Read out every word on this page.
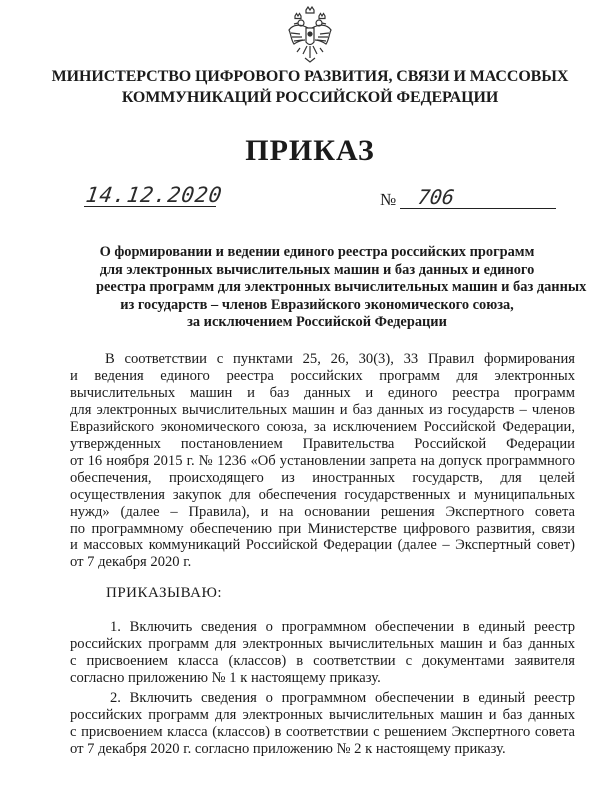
МИНИСТЕРСТВО ЦИФРОВОГО РАЗВИТИЯ, СВЯЗИ И МАССОВЫХ
КОММУНИКАЦИЙ РОССИЙСКОЙ ФЕДЕРАЦИИ
ПРИКАЗ
14.12.2020	№ 706
О формировании и ведении единого реестра российских программ
для электронных вычислительных машин и баз данных и единого
реестра программ для электронных вычислительных машин и баз данных
из государств – членов Евразийского экономического союза,
за исключением Российской Федерации
В соответствии с пунктами 25, 26, 30(3), 33 Правил формирования
и ведения единого реестра российских программ для электронных
вычислительных машин и баз данных и единого реестра программ
для электронных вычислительных машин и баз данных из государств – членов
Евразийского экономического союза, за исключением Российской Федерации,
утвержденных постановлением Правительства Российской Федерации
от 16 ноября 2015 г. № 1236 «Об установлении запрета на допуск программного
обеспечения, происходящего из иностранных государств, для целей
осуществления закупок для обеспечения государственных и муниципальных
нужд» (далее – Правила), и на основании решения Экспертного совета
по программному обеспечению при Министерстве цифрового развития, связи
и массовых коммуникаций Российской Федерации (далее – Экспертный совет)
от 7 декабря 2020 г.
ПРИКАЗЫВАЮ:
1. Включить сведения о программном обеспечении в единый реестр
российских программ для электронных вычислительных машин и баз данных
с присвоением класса (классов) в соответствии с документами заявителя
согласно приложению № 1 к настоящему приказу.
2. Включить сведения о программном обеспечении в единый реестр
российских программ для электронных вычислительных машин и баз данных
с присвоением класса (классов) в соответствии с решением Экспертного совета
от 7 декабря 2020 г. согласно приложению № 2 к настоящему приказу.
